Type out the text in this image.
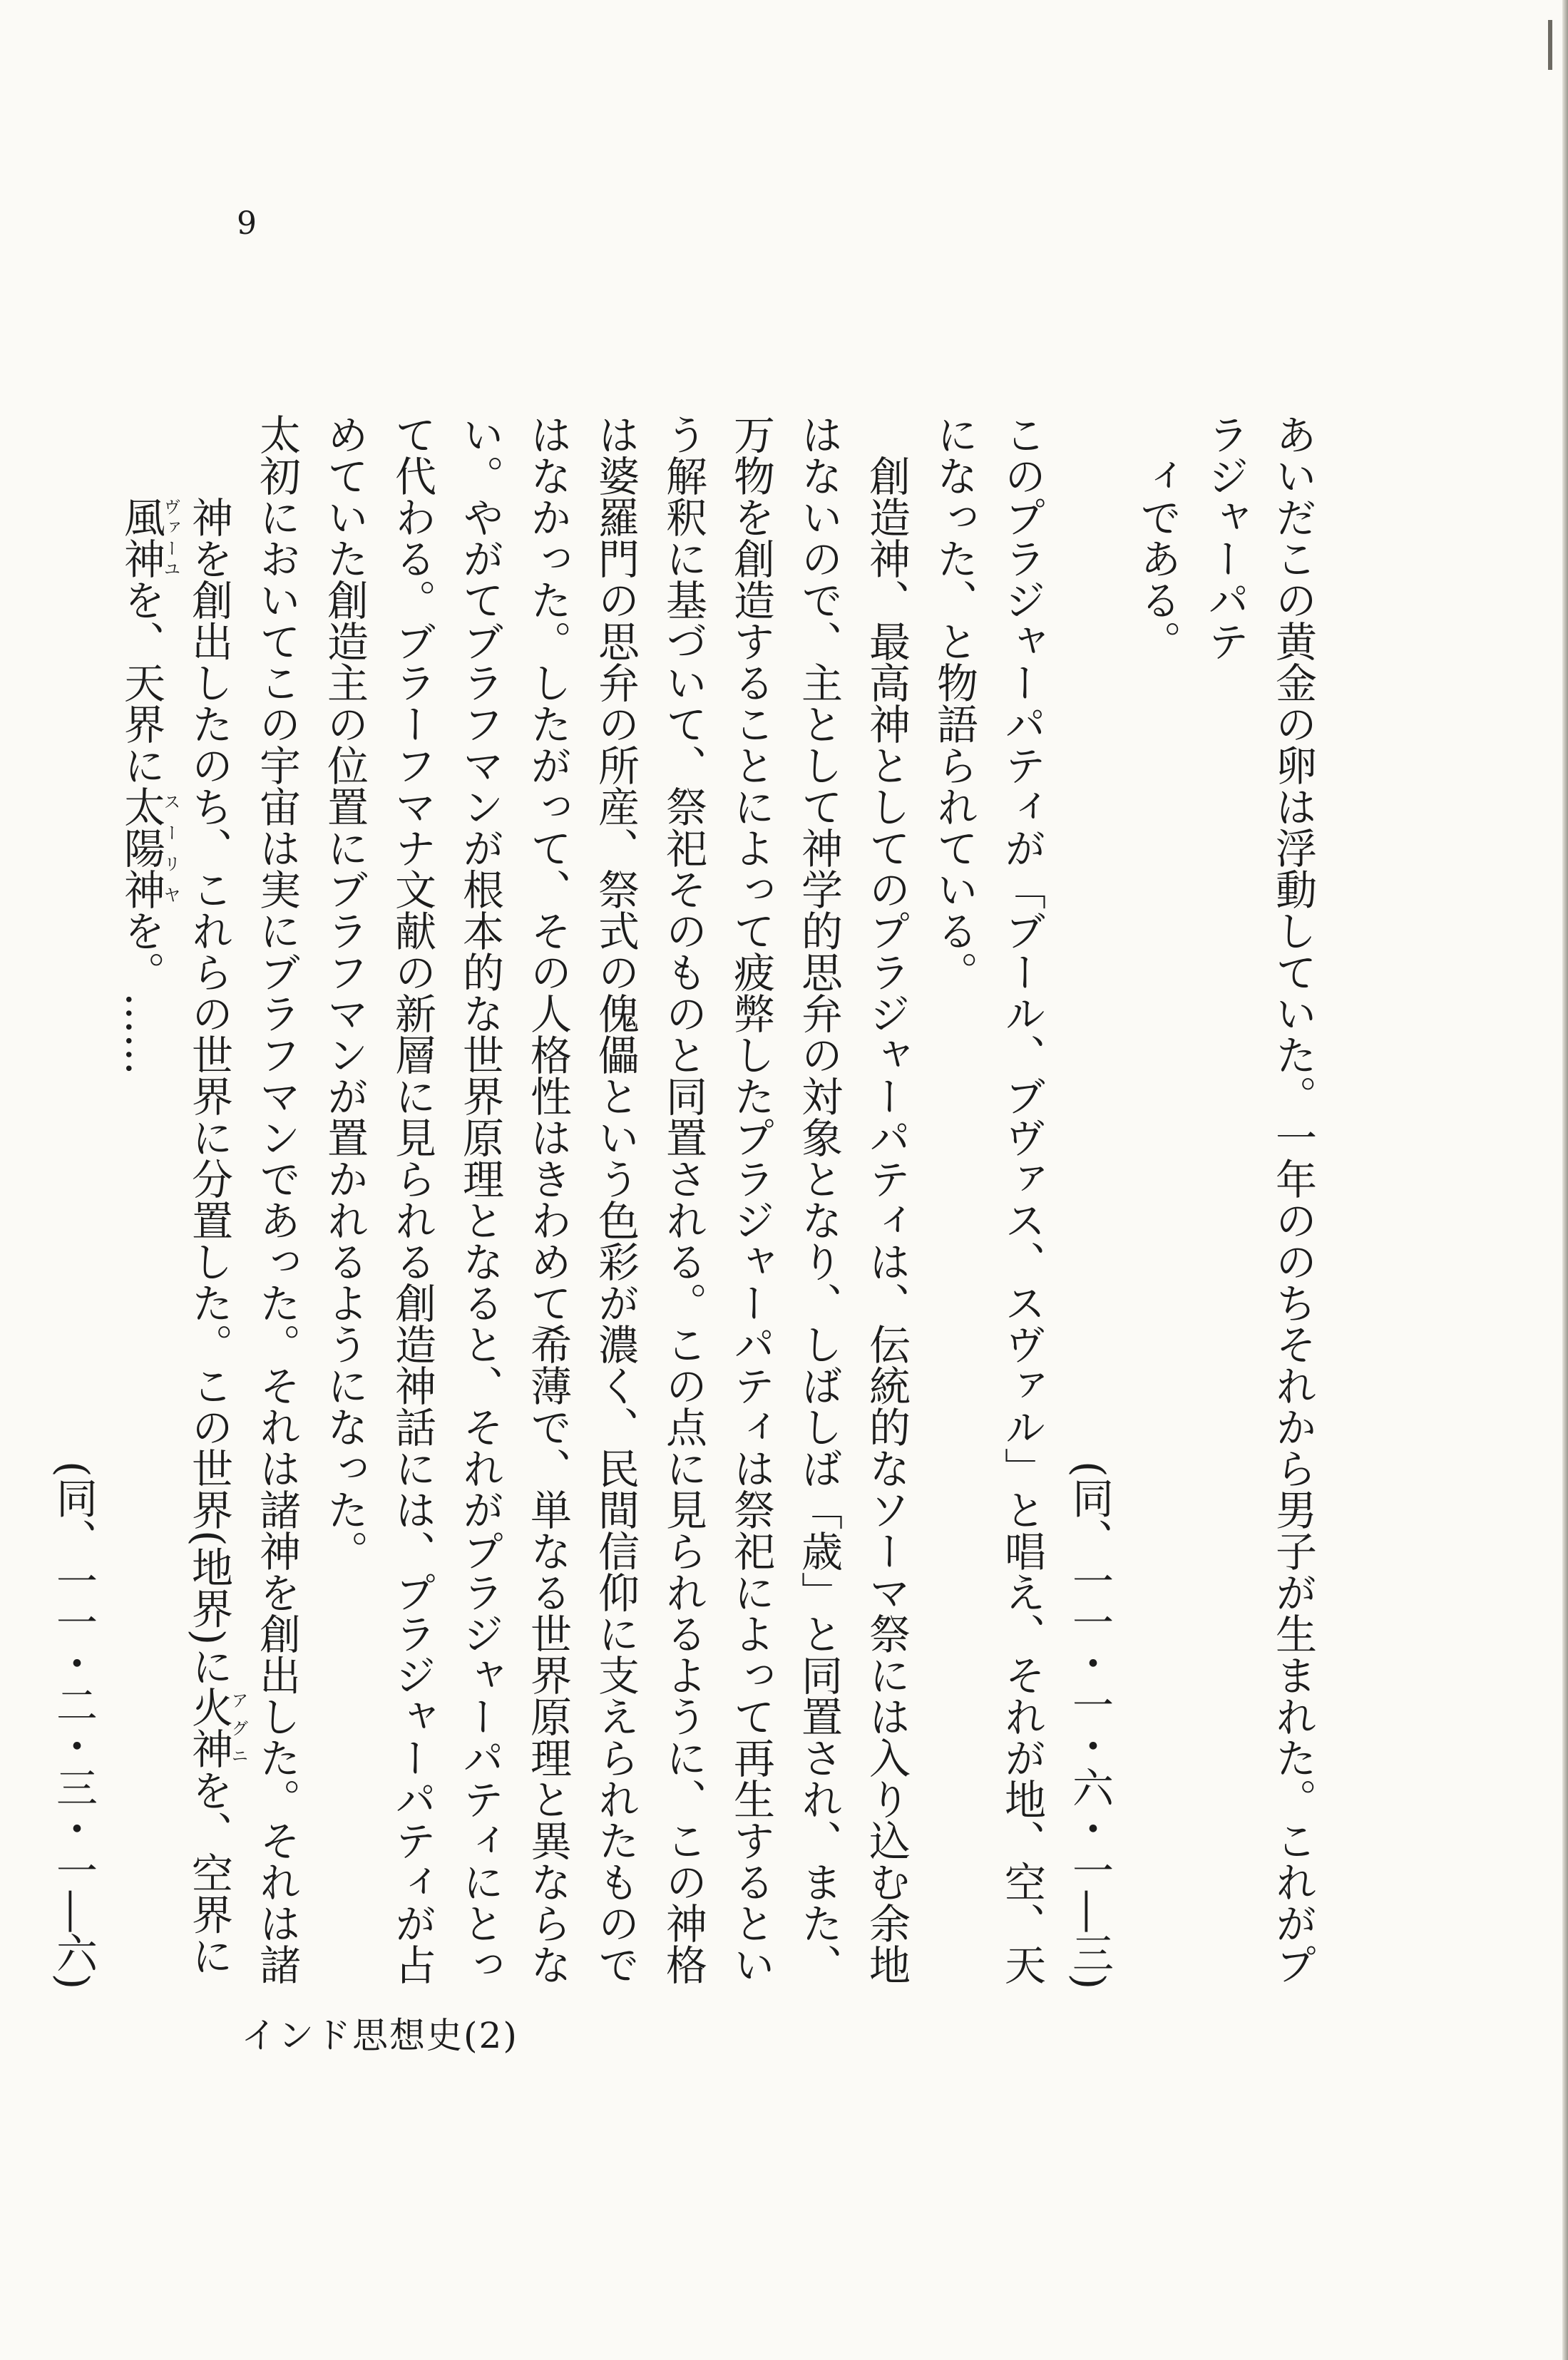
9

あいだこの黄金の卵は浮動していた。一年ののちそれから男子が生まれた。これがプラジャーパテ

ィである。

(同、一一・一・六・一―三)

このプラジャーパティが「ブール、ブヴァス、スヴァル」と唱え、それが地、空、天になった、と物語られている。

創造神、最高神としてのプラジャーパティは、伝統的なソーマ祭には入り込む余地はないので、主として神学的思弁の対象となり、しばしば「歳」と同置され、また、万物を創造することによって疲弊したプラジャーパティは祭祀によって再生するという解釈に基づいて、祭祀そのものと同置される。この点に見られるように、この神格は婆羅門の思弁の所産、祭式の傀儡という色彩が濃く、民間信仰に支えられたものではなかった。したがって、その人格性はきわめて希薄で、単なる世界原理と異ならない。やがてブラフマンが根本的な世界原理となると、それがプラジャーパティにとって代わる。ブラーフマナ文献の新層に見られる創造神話には、プラジャーパティが占めていた創造主の位置にブラフマンが置かれるようになった。

太初においてこの宇宙は実にブラフマンであった。それは諸神を創出した。それは諸神を創出したのち、これらの世界に分置した。この世界(地界)に火神アグニを、空界に風神ヴァーユを、天界に太陽神スーリヤを。……

(同、一一・二・三・一―六)

インド思想史(2)
